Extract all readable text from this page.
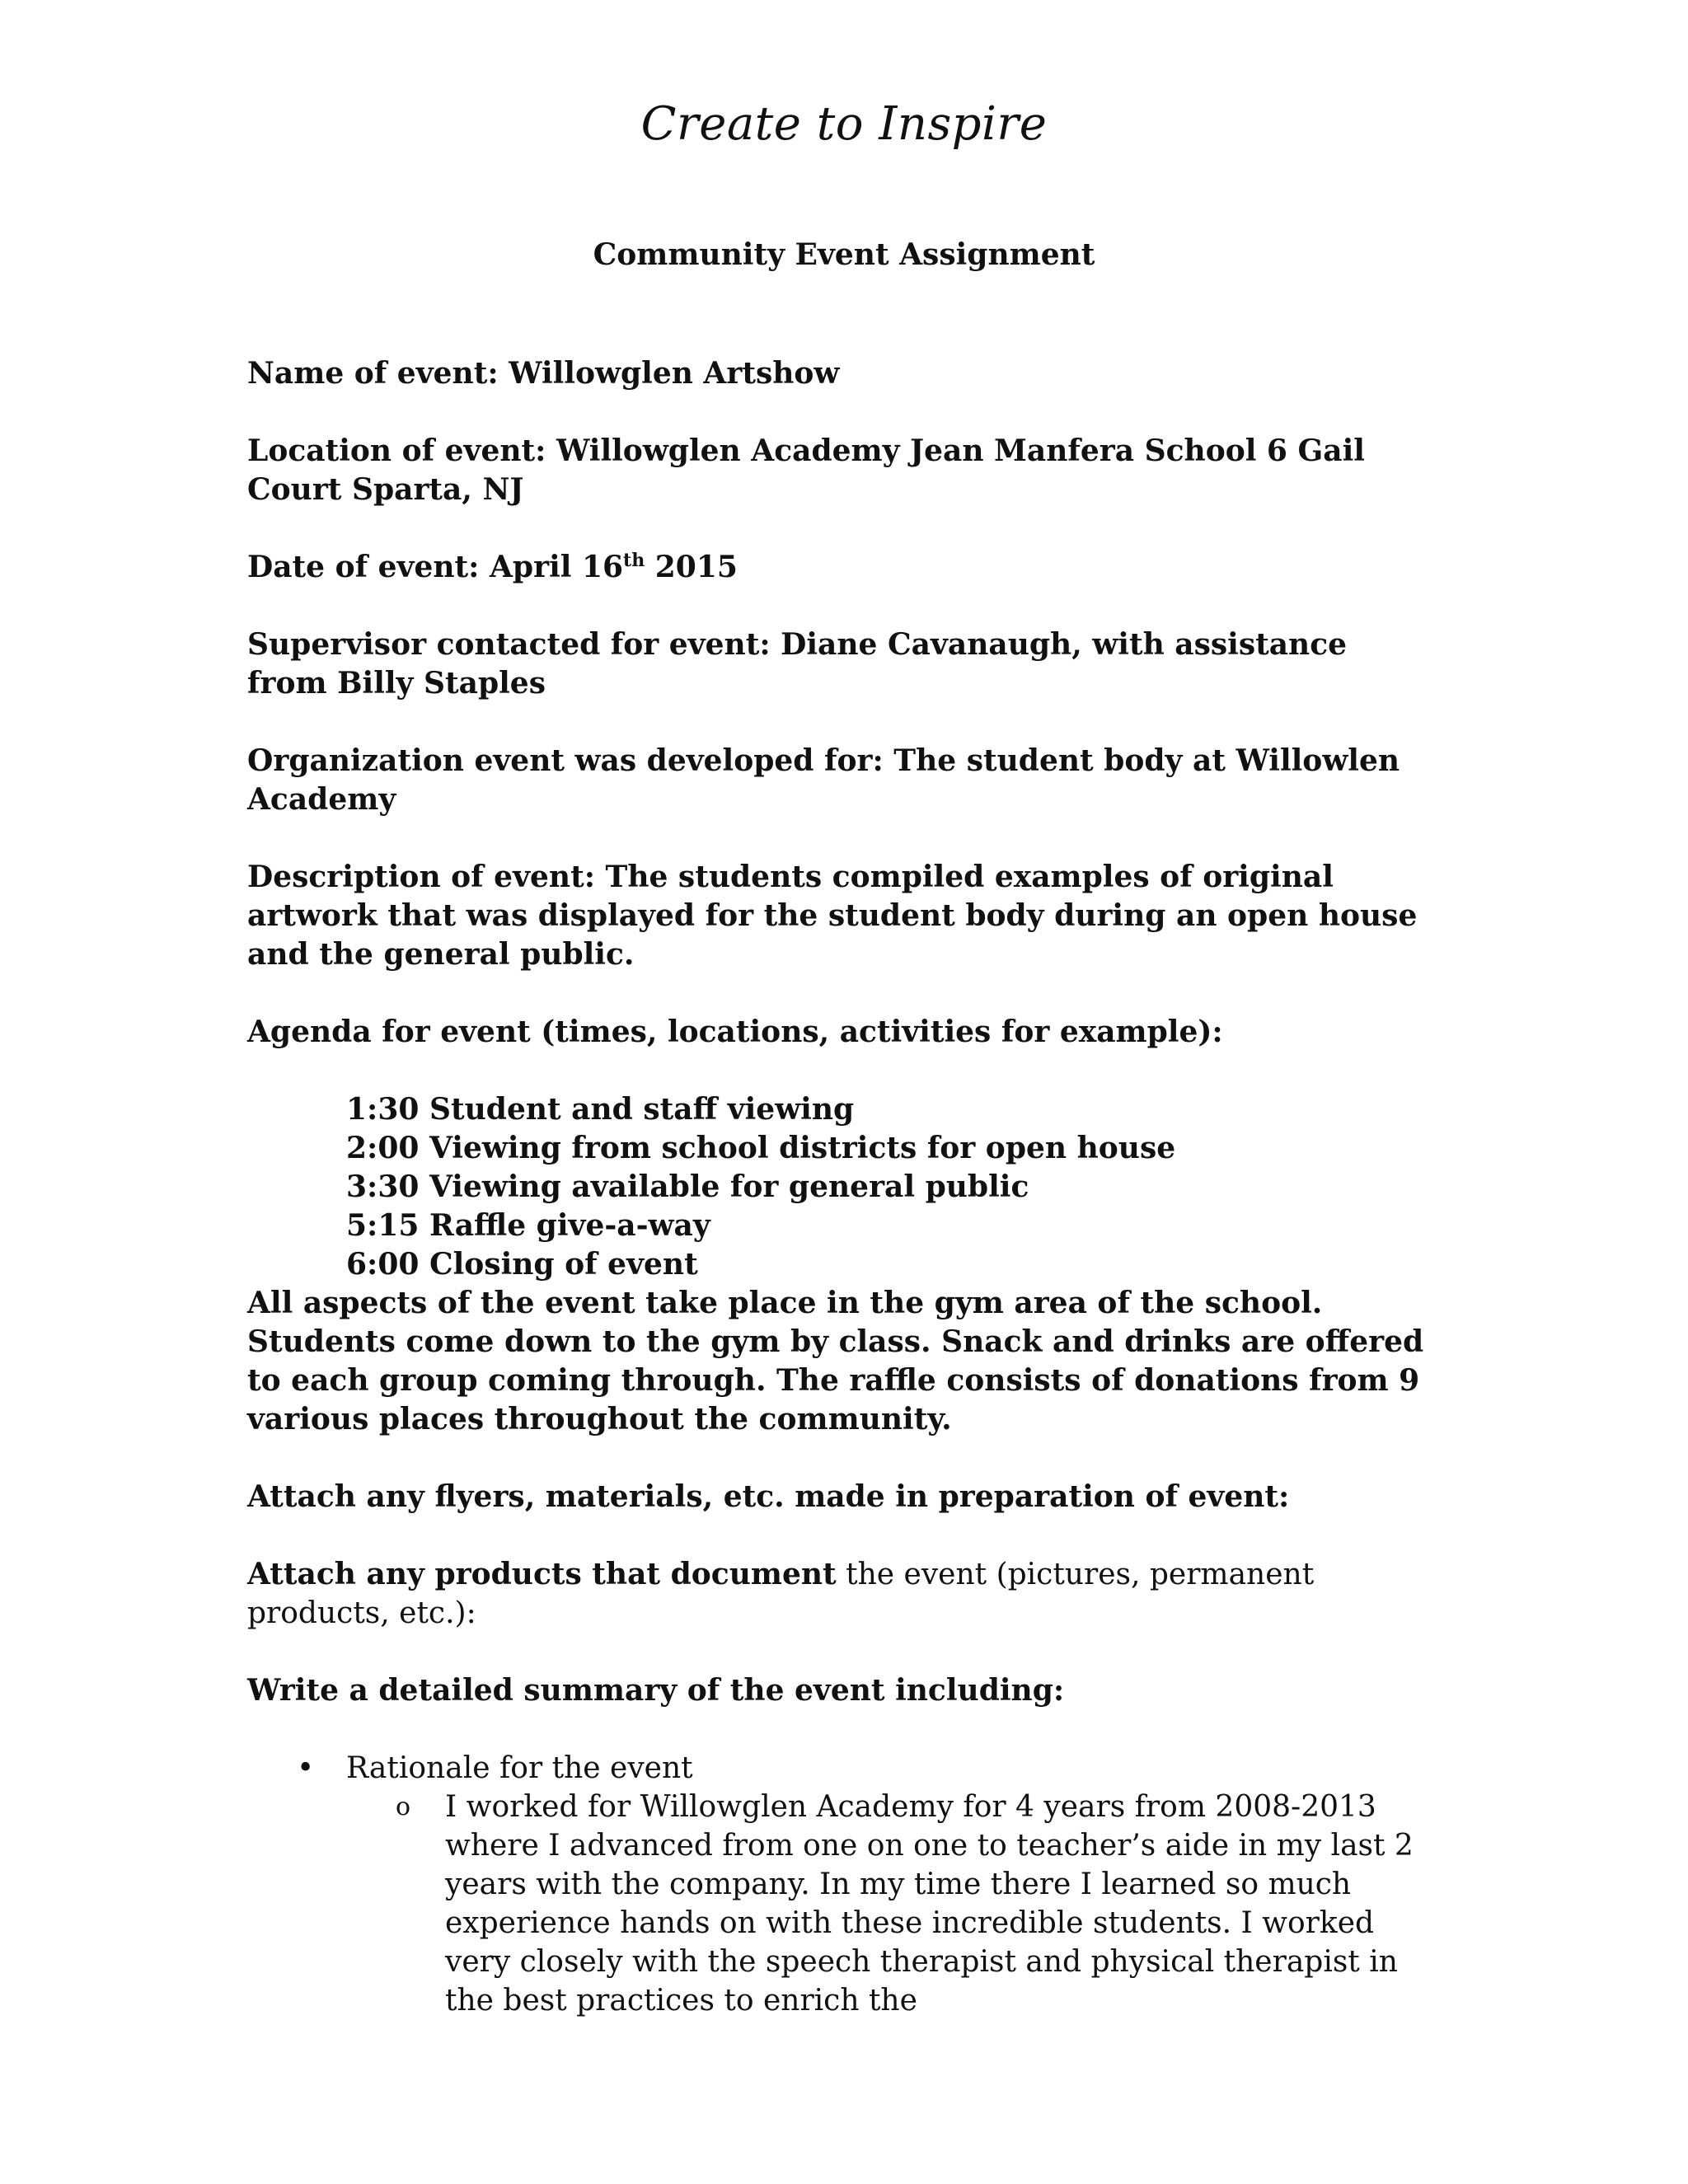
Create to Inspire
Community Event Assignment

Name of event: Willowglen Artshow

Location of event: Willowglen Academy Jean Manfera School 6 Gail Court Sparta, NJ

Date of event: April 16th 2015

Supervisor contacted for event: Diane Cavanaugh, with assistance from Billy Staples

Organization event was developed for: The student body at Willowlen Academy

Description of event: The students compiled examples of original artwork that was displayed for the student body during an open house and the general public.

Agenda for event (times, locations, activities for example):

1:30 Student and staff viewing
2:00 Viewing from school districts for open house
3:30 Viewing available for general public
5:15 Raffle give-a-way
6:00 Closing of event

All aspects of the event take place in the gym area of the school. Students come down to the gym by class. Snack and drinks are offered to each group coming through. The raffle consists of donations from 9 various places throughout the community.

Attach any flyers, materials, etc. made in preparation of event:

Attach any products that document the event (pictures, permanent products, etc.):

Write a detailed summary of the event including:

• Rationale for the event
o I worked for Willowglen Academy for 4 years from 2008-2013 where I advanced from one on one to teacher’s aide in my last 2 years with the company. In my time there I learned so much experience hands on with these incredible students. I worked very closely with the speech therapist and physical therapist in the best practices to enrich the
